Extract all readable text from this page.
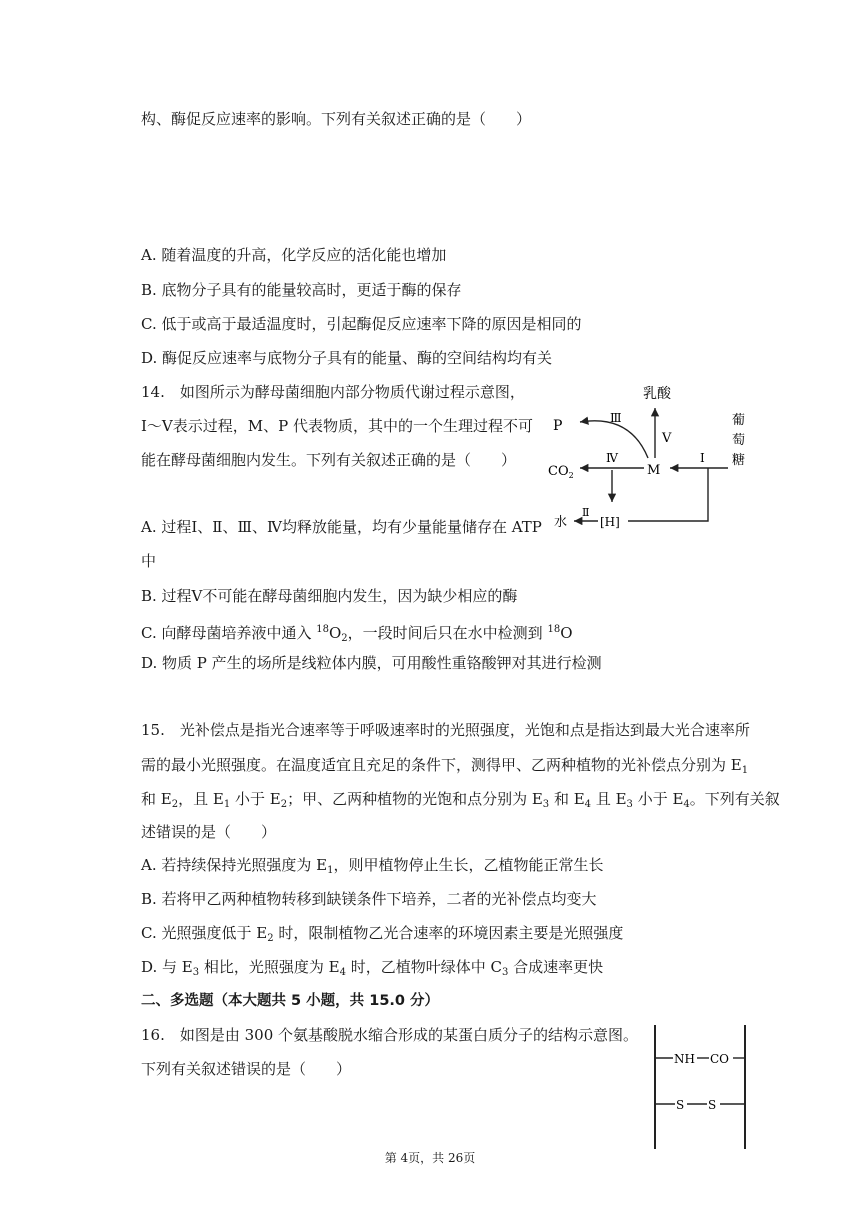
构、酶促反应速率的影响。下列有关叙述正确的是（　　）
A. 随着温度的升高，化学反应的活化能也增加
B. 底物分子具有的能量较高时，更适于酶的保存
C. 低于或高于最适温度时，引起酶促反应速率下降的原因是相同的
D. 酶促反应速率与底物分子具有的能量、酶的空间结构均有关
14.　如图所示为酵母菌细胞内部分物质代谢过程示意图，
Ⅰ～Ⅴ表示过程，M、P 代表物质，其中的一个生理过程不可
能在酵母菌细胞内发生。下列有关叙述正确的是（　　）
乳酸
Ⅴ
P	Ⅲ
$CO_2$
Ⅳ
M
葡
萄
糖
Ⅰ
[H]
Ⅱ
水
A. 过程Ⅰ、Ⅱ、Ⅲ、Ⅳ均释放能量，均有少量能量储存在 ATP
中
B. 过程Ⅴ不可能在酵母菌细胞内发生，因为缺少相应的酶
C. 向酵母菌培养液中通入 $^{18}O_2$，一段时间后只在水中检测到 $^{18}$O
D. 物质 P 产生的场所是线粒体内膜，可用酸性重铬酸钾对其进行检测
15.　光补偿点是指光合速率等于呼吸速率时的光照强度，光饱和点是指达到最大光合速率所
需的最小光照强度。在温度适宜且充足的条件下，测得甲、乙两种植物的光补偿点分别为 $E_1$
和 $E_2$，且 $E_1$ 小于 $E_2$；甲、乙两种植物的光饱和点分别为 $E_3$ 和 $E_4$ 且 $E_3$ 小于 $E_4$。下列有关叙
述错误的是（　　）
A. 若持续保持光照强度为 $E_1$，则甲植物停止生长，乙植物能正常生长
B. 若将甲乙两种植物转移到缺镁条件下培养，二者的光补偿点均变大
C. 光照强度低于 $E_2$ 时，限制植物乙光合速率的环境因素主要是光照强度
D. 与 $E_3$ 相比，光照强度为 $E_4$ 时，乙植物叶绿体中 $C_3$ 合成速率更快
二、多选题（本大题共 5 小题，共 15.0 分）
16.　如图是由 300 个氨基酸脱水缩合形成的某蛋白质分子的结构示意图。
下列有关叙述错误的是（　　）
NH CO
S S
第 4页，共 26页
